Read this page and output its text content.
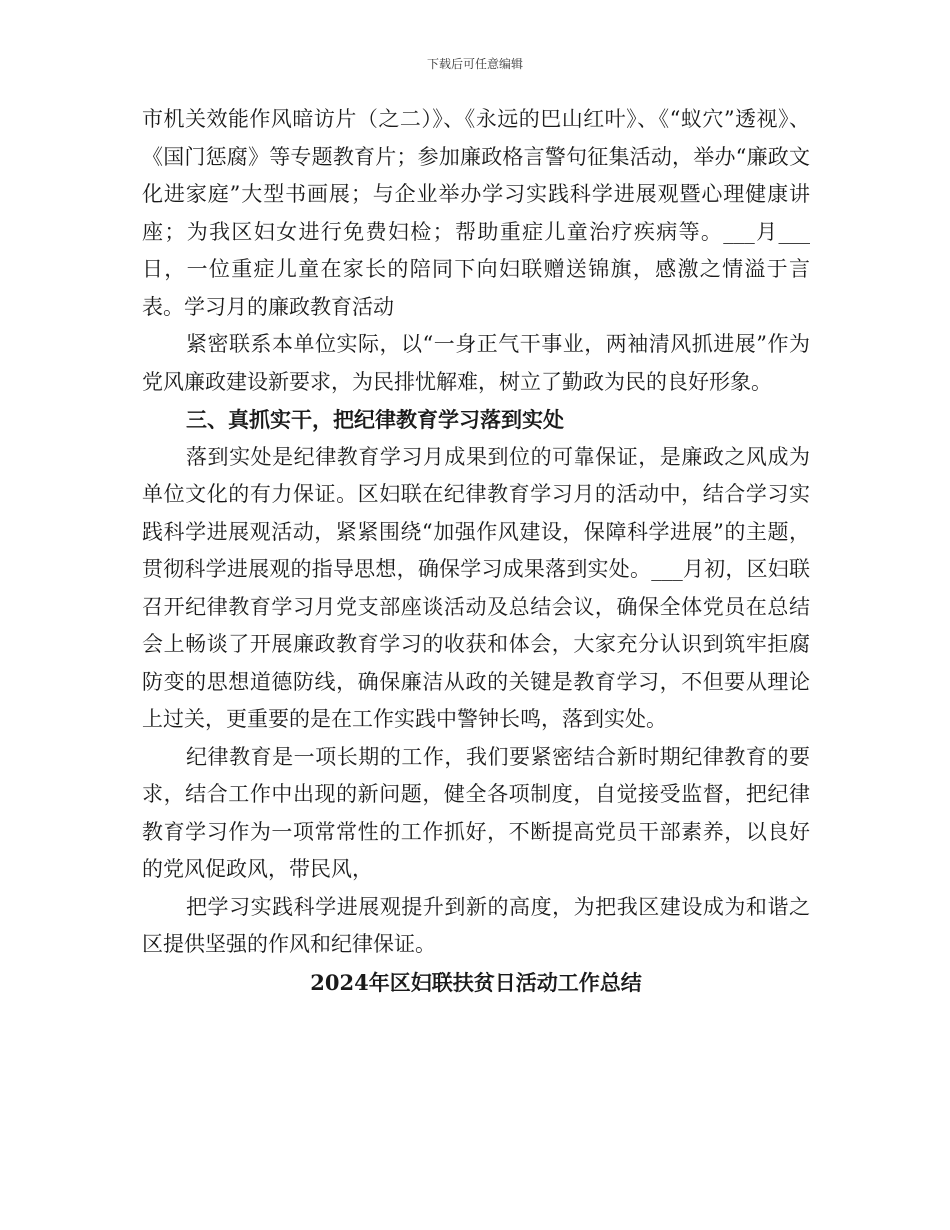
下载后可任意编辑

市机关效能作风暗访片（之二）》、《永远的巴山红叶》、《“蚁穴”透视》、《国门惩腐》等专题教育片；参加廉政格言警句征集活动，举办“廉政文化进家庭”大型书画展；与企业举办学习实践科学进展观暨心理健康讲座；为我区妇女进行免费妇检；帮助重症儿童治疗疾病等。___月___日，一位重症儿童在家长的陪同下向妇联赠送锦旗，感激之情溢于言表。学习月的廉政教育活动

紧密联系本单位实际，以“一身正气干事业，两袖清风抓进展”作为党风廉政建设新要求，为民排忧解难，树立了勤政为民的良好形象。

三、真抓实干，把纪律教育学习落到实处

落到实处是纪律教育学习月成果到位的可靠保证，是廉政之风成为单位文化的有力保证。区妇联在纪律教育学习月的活动中，结合学习实践科学进展观活动，紧紧围绕“加强作风建设，保障科学进展”的主题，贯彻科学进展观的指导思想，确保学习成果落到实处。___月初，区妇联召开纪律教育学习月党支部座谈活动及总结会议，确保全体党员在总结会上畅谈了开展廉政教育学习的收获和体会，大家充分认识到筑牢拒腐防变的思想道德防线，确保廉洁从政的关键是教育学习，不但要从理论上过关，更重要的是在工作实践中警钟长鸣，落到实处。

纪律教育是一项长期的工作，我们要紧密结合新时期纪律教育的要求，结合工作中出现的新问题，健全各项制度，自觉接受监督，把纪律教育学习作为一项常常性的工作抓好，不断提高党员干部素养，以良好的党风促政风，带民风，

把学习实践科学进展观提升到新的高度，为把我区建设成为和谐之区提供坚强的作风和纪律保证。

2024年区妇联扶贫日活动工作总结
